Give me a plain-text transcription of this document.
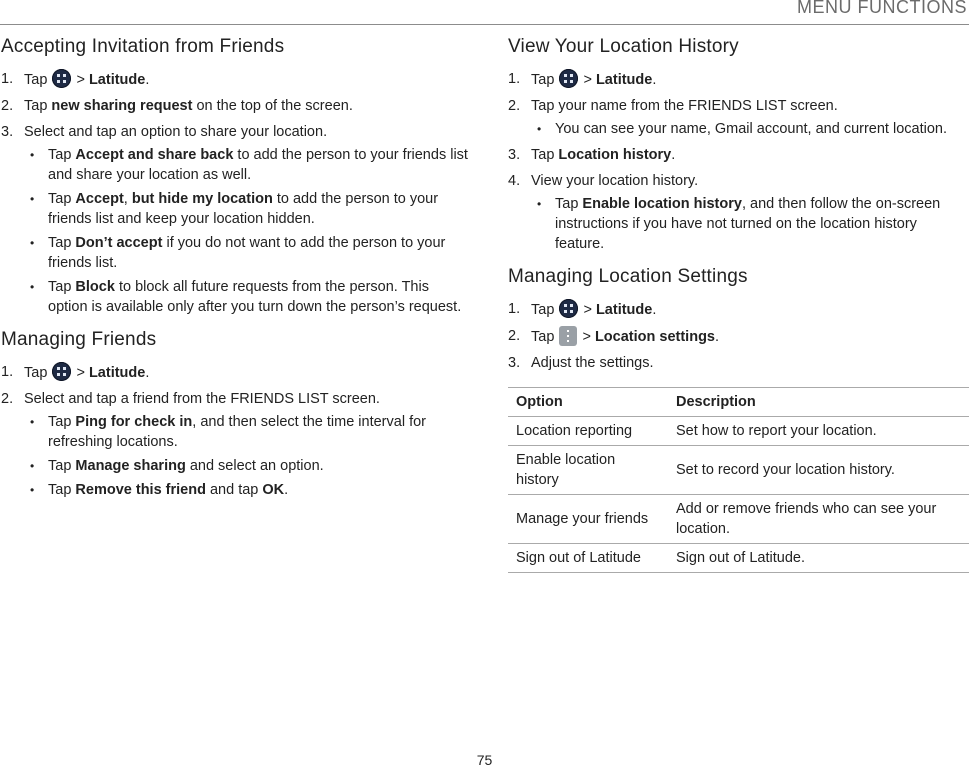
MENU FUNCTIONS
Accepting Invitation from Friends
1. Tap > Latitude.
2. Tap new sharing request on the top of the screen.
3. Select and tap an option to share your location.
• Tap Accept and share back to add the person to your friends list and share your location as well.
• Tap Accept, but hide my location to add the person to your friends list and keep your location hidden.
• Tap Don’t accept if you do not want to add the person to your friends list.
• Tap Block to block all future requests from the person. This option is available only after you turn down the person’s request.
Managing Friends
1. Tap > Latitude.
2. Select and tap a friend from the FRIENDS LIST screen.
• Tap Ping for check in, and then select the time interval for refreshing locations.
• Tap Manage sharing and select an option.
• Tap Remove this friend and tap OK.
View Your Location History
1. Tap > Latitude.
2. Tap your name from the FRIENDS LIST screen.
• You can see your name, Gmail account, and current location.
3. Tap Location history.
4. View your location history.
• Tap Enable location history, and then follow the on-screen instructions if you have not turned on the location history feature.
Managing Location Settings
1. Tap > Latitude.
2. Tap > Location settings.
3. Adjust the settings.
Option	Description
Location reporting	Set how to report your location.
Enable location history	Set to record your location history.
Manage your friends	Add or remove friends who can see your location.
Sign out of Latitude	Sign out of Latitude.
75
